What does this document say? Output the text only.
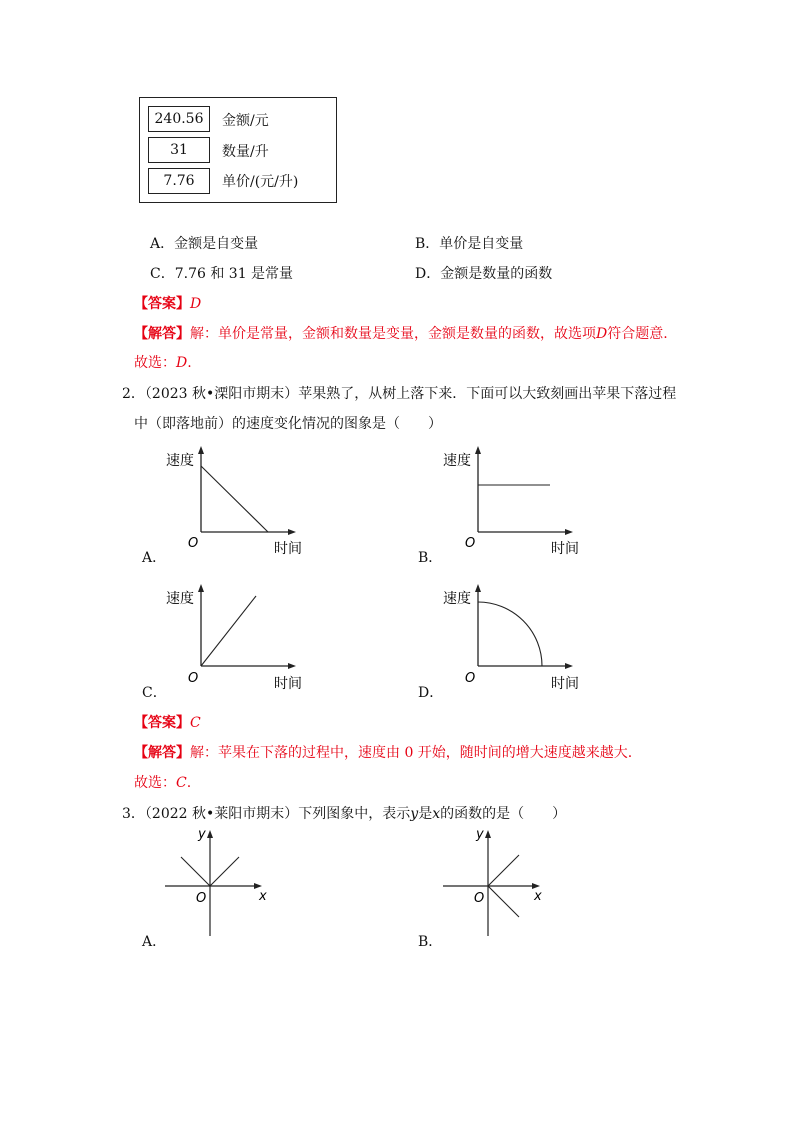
240.56	金额/元
31	数量/升
7.76	单价/(元/升)
A．金额是自变量	B．单价是自变量
C．7.76 和 31 是常量	D．金额是数量的函数
【答案】D
【解答】解：单价是常量，金额和数量是变量，金额是数量的函数，故选项D符合题意.
故选：D.
2．（2023 秋•溧阳市期末）苹果熟了，从树上落下来．下面可以大致刻画出苹果下落过程
中（即落地前）的速度变化情况的图象是（　　）
速度
时间
O
A．
速度
时间
O
B．
速度
时间
O
C．
速度
时间
O
D．
【答案】C
【解答】解：苹果在下落的过程中，速度由 0 开始，随时间的增大速度越来越大.
故选：C.
3．（2022 秋•莱阳市期末）下列图象中，表示y是x的函数的是（　　）
y
x
O
A．
y
x
O
B．
